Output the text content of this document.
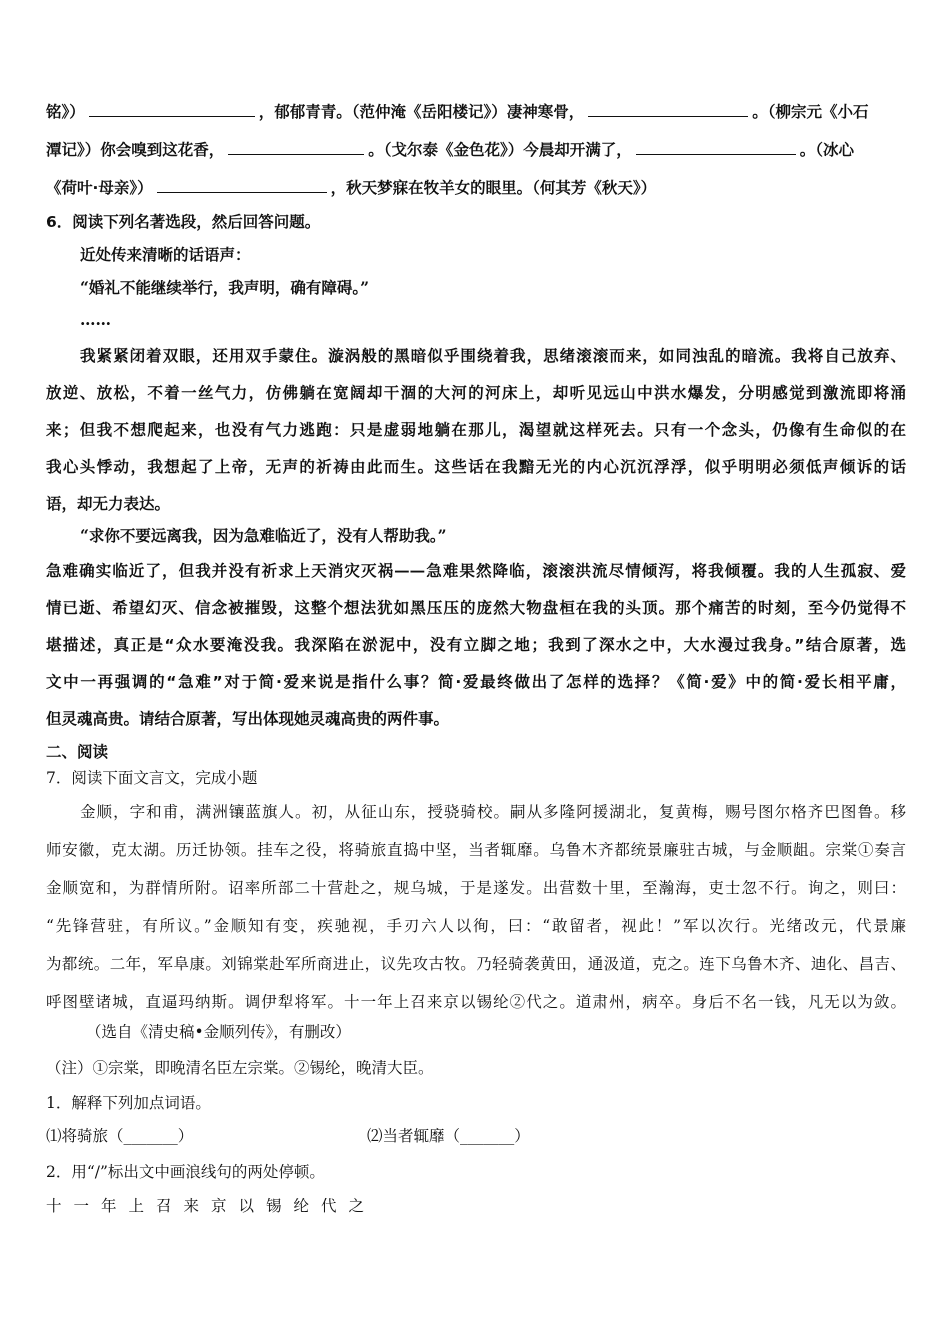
铭》）	，郁郁青青。（范仲淹《岳阳楼记》）凄神寒骨，	。（柳宗元《小石
潭记》）你会嗅到这花香，	。（戈尔泰《金色花》）今晨却开满了，	。（冰心
《荷叶·母亲》）	，秋天梦寐在牧羊女的眼里。（何其芳《秋天》）
6．阅读下列名著选段，然后回答问题。
近处传来清晰的话语声：
“婚礼不能继续举行，我声明，确有障碍。”
……
我紧紧闭着双眼，还用双手蒙住。漩涡般的黑暗似乎围绕着我，思绪滚滚而来，如同浊乱的暗流。我将自己放弃、
放逆、放松，不着一丝气力，仿佛躺在宽阔却干涸的大河的河床上，却听见远山中洪水爆发，分明感觉到激流即将涌
来；但我不想爬起来，也没有气力逃跑：只是虚弱地躺在那儿，渴望就这样死去。只有一个念头，仍像有生命似的在
我心头悸动，我想起了上帝，无声的祈祷由此而生。这些话在我黯无光的内心沉沉浮浮，似乎明明必须低声倾诉的话
语，却无力表达。
“求你不要远离我，因为急难临近了，没有人帮助我。”
急难确实临近了，但我并没有祈求上天消灾灭祸——急难果然降临，滚滚洪流尽情倾泻，将我倾覆。我的人生孤寂、爱
情已逝、希望幻灭、信念被摧毁，这整个想法犹如黑压压的庞然大物盘桓在我的头顶。那个痛苦的时刻，至今仍觉得不
堪描述，真正是“众水要淹没我。我深陷在淤泥中，没有立脚之地；我到了深水之中，大水漫过我身。”结合原著，选
文中一再强调的“急难”对于简·爱来说是指什么事？简·爱最终做出了怎样的选择？《简·爱》中的简·爱长相平庸，
但灵魂高贵。请结合原著，写出体现她灵魂高贵的两件事。
二、阅读
7．阅读下面文言文，完成小题
金顺，字和甫，满洲镶蓝旗人。初，从征山东，授骁骑校。嗣从多隆阿援湖北，复黄梅，赐号图尔格齐巴图鲁。移
师安徽，克太湖。历迁协领。挂车之役，将骑旅直捣中坚，当者辄靡。乌鲁木齐都统景廉驻古城，与金顺龃。宗棠①奏言
金顺宽和，为群情所附。诏率所部二十营赴之，规乌城，于是遂发。出营数十里，至瀚海，吏士忽不行。询之，则曰：
“先锋营驻，有所议。”金顺知有变，疾驰视，手刃六人以徇，曰：“敢留者，视此！”军以次行。光绪改元，代景廉
为都统。二年，军阜康。刘锦棠赴军所商进止，议先攻古牧。乃轻骑袭黄田，通汲道，克之。连下乌鲁木齐、迪化、昌吉、
呼图壁诸城，直逼玛纳斯。调伊犁将军。十一年上召来京以锡纶②代之。道肃州，病卒。身后不名一钱，凡无以为敛。
（选自《清史稿•金顺列传》，有删改）
（注）①宗棠，即晚清名臣左宗棠。②锡纶，晚清大臣。
1．解释下列加点词语。
⑴将骑旅（_______）	⑵当者辄靡（_______）
2．用“/”标出文中画浪线句的两处停顿。
十一年上召来京以锡纶代之
